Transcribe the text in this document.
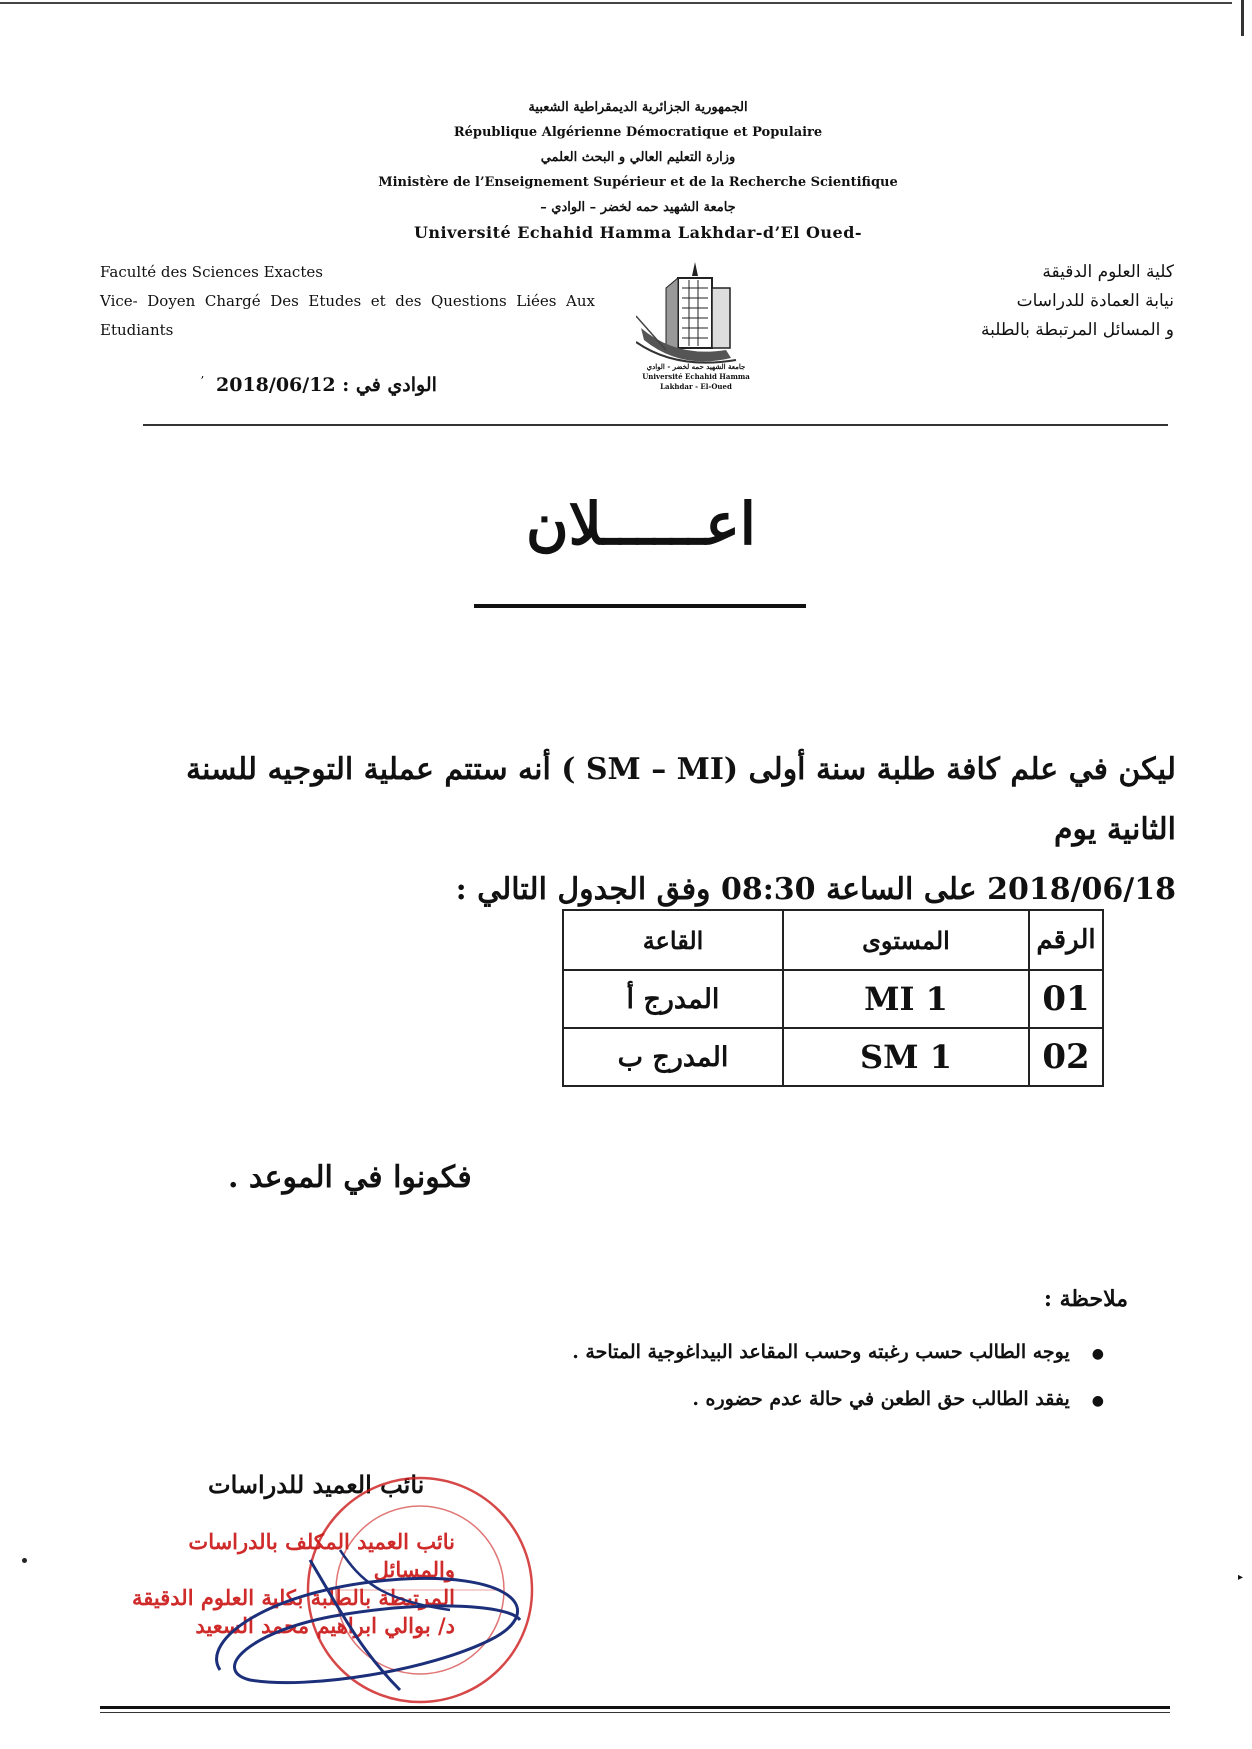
الجمهورية الجزائرية الديمقراطية الشعبية
République Algérienne Démocratique et Populaire
وزارة التعليم العالي و البحث العلمي
Ministère de l’Enseignement Supérieur et de la Recherche Scientifique
جامعة الشهيد حمه لخضر – الوادي –
Université Echahid Hamma Lakhdar-d’El Oued-
Faculté des Sciences Exactes
Vice- Doyen Chargé Des Etudes et des Questions Liées Aux Etudiants
كلية العلوم الدقيقة
نيابة العمادة للدراسات
و المسائل المرتبطة بالطلبة
جامعة الشهيد حمه لخضر - الوادي
Université Echahid Hamma Lakhdar - El-Oued
ʼ الوادي في : 2018/06/12
اعــــــلان
ليكن في علم كافة طلبة سنة أولى (SM – MI ) أنه ستتم عملية التوجيه للسنة الثانية يوم
2018/06/18 على الساعة 08:30 وفق الجدول التالي :
الرقم	المستوى	القاعة
01	1 MI	المدرج أ
02	1 SM	المدرج ب
فكونوا في الموعد .
ملاحظة :
● يوجه الطالب حسب رغبته وحسب المقاعد البيداغوجية المتاحة .
● يفقد الطالب حق الطعن في حالة عدم حضوره .
نائب العميد للدراسات
نائب العميد المكلف بالدراسات والمسائل
المرتبطة بالطلبة بكلية العلوم الدقيقة
د/ بوالي ابراهيم محمد السعيد
▸
